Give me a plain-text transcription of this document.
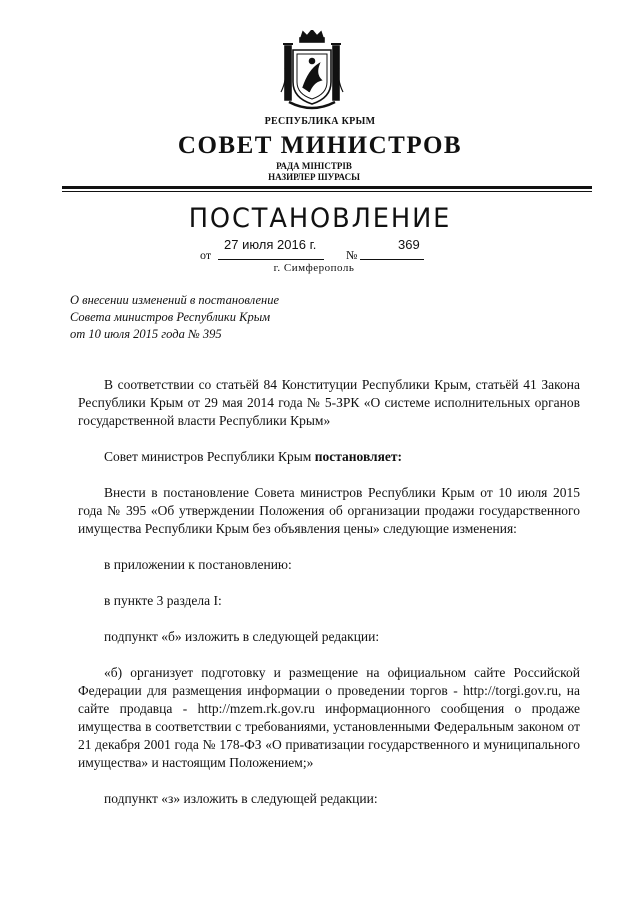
РЕСПУБЛИКА КРЫМ
СОВЕТ МИНИСТРОВ
РАДА МІНІСТРІВ
НАЗИРЛЕР ШУРАСЫ
ПОСТАНОВЛЕНИЕ
от
27 июля 2016 г.
№
369
г. Симферополь
О внесении изменений в постановление
Совета министров Республики Крым
от 10 июля 2015 года № 395

В соответствии со статьёй 84 Конституции Республики Крым, статьёй 41 Закона Республики Крым от 29 мая 2014 года № 5-ЗРК «О системе исполнительных органов государственной власти Республики Крым»

Совет министров Республики Крым постановляет:

Внести в постановление Совета министров Республики Крым от 10 июля 2015 года № 395 «Об утверждении Положения об организации продажи государственного имущества Республики Крым без объявления цены» следующие изменения:

в приложении к постановлению:

в пункте 3 раздела I:

подпункт «б» изложить в следующей редакции:

«б) организует подготовку и размещение на официальном сайте Российской Федерации для размещения информации о проведении торгов - http://torgi.gov.ru, на сайте продавца - http://mzem.rk.gov.ru информационного сообщения о продаже имущества в соответствии с требованиями, установленными Федеральным законом от 21 декабря 2001 года № 178-ФЗ «О приватизации государственного и муниципального имущества» и настоящим Положением;»

подпункт «з» изложить в следующей редакции:
